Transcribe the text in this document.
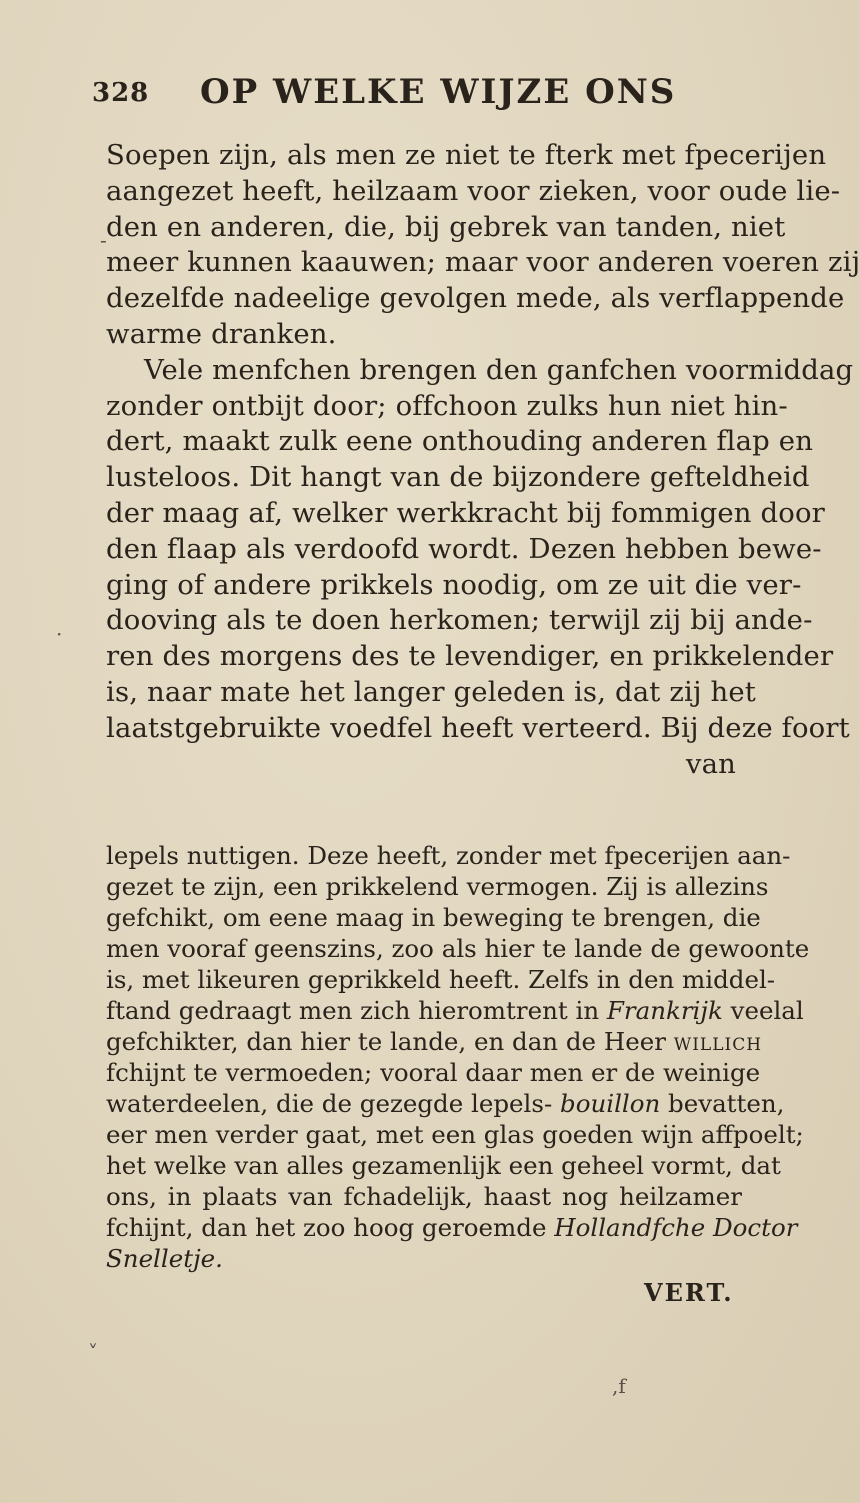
328 OP WELKE WIJZE ONS
Soepen zijn, als men ze niet te fterk met fpecerijen
aangezet heeft, heilzaam voor zieken, voor oude lie-
den en anderen, die, bij gebrek van tanden, niet
meer kunnen kaauwen; maar voor anderen voeren zij
dezelfde nadeelige gevolgen mede, als verflappende
warme dranken.
Vele menfchen brengen den ganfchen voormiddag
zonder ontbijt door; offchoon zulks hun niet hin-
dert, maakt zulk eene onthouding anderen flap en
lusteloos. Dit hangt van de bijzondere gefteldheid
der maag af, welker werkkracht bij fommigen door
den flaap als verdoofd wordt. Dezen hebben bewe-
ging of andere prikkels noodig, om ze uit die ver-
dooving als te doen herkomen; terwijl zij bij ande-
ren des morgens des te levendiger, en prikkelender
is, naar mate het langer geleden is, dat zij het
laatstgebruikte voedfel heeft verteerd. Bij deze foort
van
lepels nuttigen. Deze heeft, zonder met fpecerijen aan-
gezet te zijn, een prikkelend vermogen. Zij is allezins
gefchikt, om eene maag in beweging te brengen, die
men vooraf geenszins, zoo als hier te lande de gewoonte
is, met likeuren geprikkeld heeft. Zelfs in den middel-
ftand gedraagt men zich hieromtrent in Frankrijk veelal
gefchikter, dan hier te lande, en dan de Heer willich
fchijnt te vermoeden; vooral daar men er de weinige
waterdeelen, die de gezegde lepels- bouillon bevatten,
eer men verder gaat, met een glas goeden wijn affpoelt;
het welke van alles gezamenlijk een geheel vormt, dat
ons, in plaats van fchadelijk, haast nog heilzamer
fchijnt, dan het zoo hoog geroemde Hollandfche Doctor
Snelletje.
VERT.
-
·
˅
,f
